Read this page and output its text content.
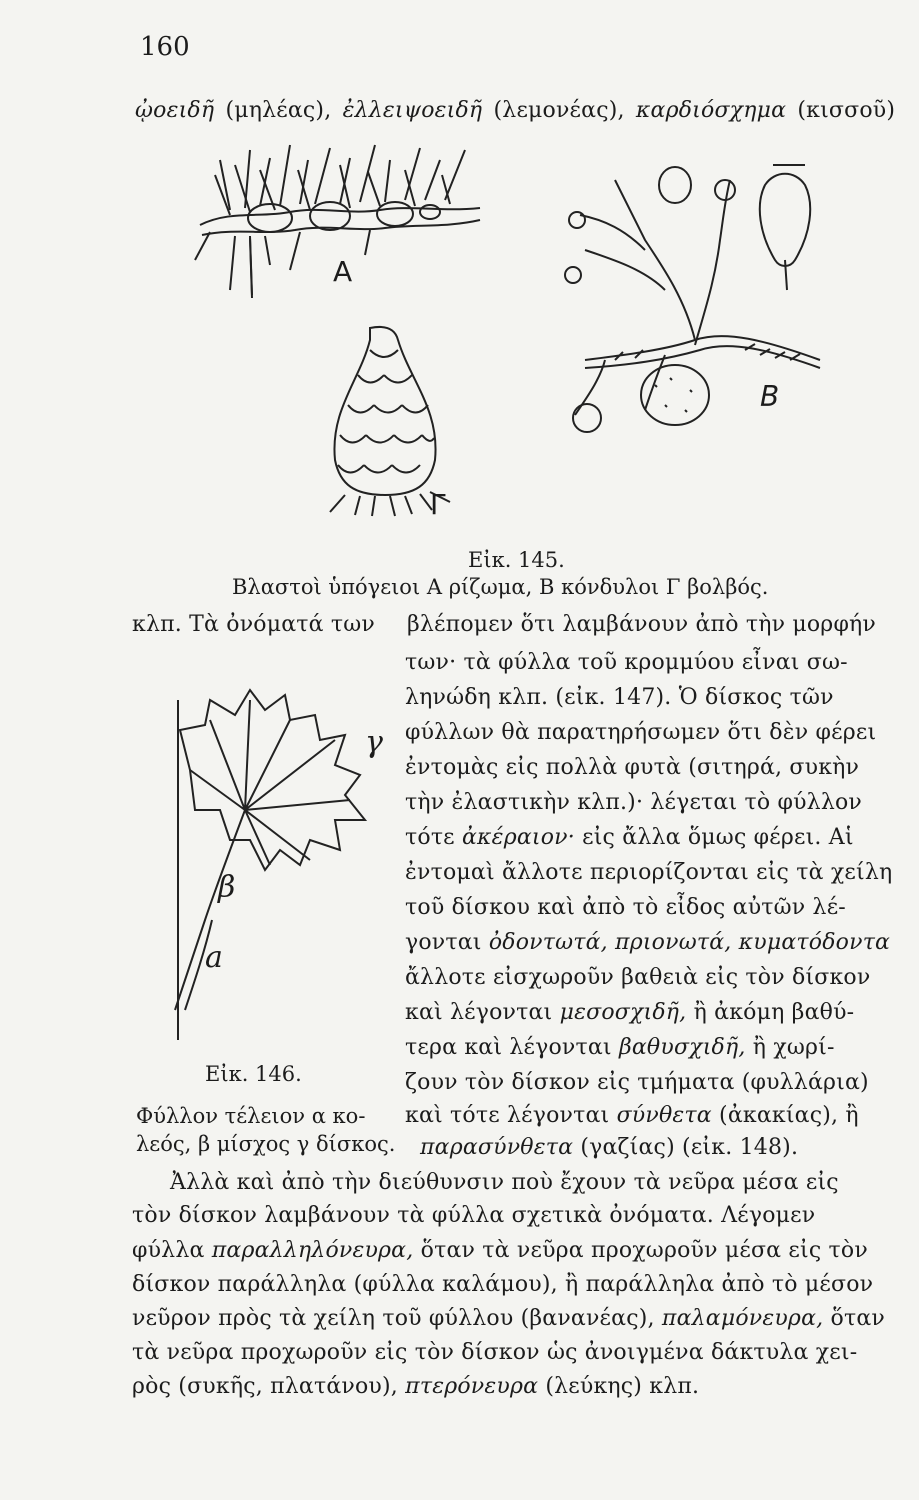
160
ᾠοειδῆ (μηλέας), ἐλλειψοειδῆ (λεμονέας), καρδιόσχημα (κισσοῦ)
Α
Β
Γ
Εἰκ. 145.
Βλαστοὶ ὑπόγειοι Α ρίζωμα, Β κόνδυλοι Γ βολβός.
γ
β
a
Εἰκ. 146.
Φύλλον τέλειον α κο-
λεός, β μίσχος γ δίσκος.
κλπ. Τὰ ὀνόματά των βλέπομεν ὅτι λαμβάνουν ἀπὸ τὴν μορφήν
των· τὰ φύλλα τοῦ κρομμύου εἶναι σω-
ληνώδη κλπ. (εἰκ. 147). Ὁ δίσκος τῶν
φύλλων θὰ παρατηρήσωμεν ὅτι δὲν φέρει
ἐντομὰς εἰς πολλὰ φυτὰ (σιτηρά, συκὴν
τὴν ἐλαστικὴν κλπ.)· λέγεται τὸ φύλλον
τότε ἀκέραιον· εἰς ἄλλα ὅμως φέρει. Αἱ
ἐντομαὶ ἄλλοτε περιορίζονται εἰς τὰ χείλη
τοῦ δίσκου καὶ ἀπὸ τὸ εἶδος αὐτῶν λέ-
γονται ὀδοντωτά, πριονωτά, κυματόδοντα
ἄλλοτε εἰσχωροῦν βαθειὰ εἰς τὸν δίσκον
καὶ λέγονται μεσοσχιδῆ, ἢ ἀκόμη βαθύ-
τερα καὶ λέγονται βαθυσχιδῆ, ἢ χωρί-
ζουν τὸν δίσκον εἰς τμήματα (φυλλάρια)
καὶ τότε λέγονται σύνθετα (ἀκακίας), ἢ
παρασύνθετα (γαζίας) (εἰκ. 148).
Ἀλλὰ καὶ ἀπὸ τὴν διεύθυνσιν ποὺ ἔχουν τὰ νεῦρα μέσα εἰς
τὸν δίσκον λαμβάνουν τὰ φύλλα σχετικὰ ὀνόματα. Λέγομεν
φύλλα παραλληλόνευρα, ὅταν τὰ νεῦρα προχωροῦν μέσα εἰς τὸν
δίσκον παράλληλα (φύλλα καλάμου), ἢ παράλληλα ἀπὸ τὸ μέσον
νεῦρον πρὸς τὰ χείλη τοῦ φύλλου (βανανέας), παλαμόνευρα, ὅταν
τὰ νεῦρα προχωροῦν εἰς τὸν δίσκον ὡς ἀνοιγμένα δάκτυλα χει-
ρὸς (συκῆς, πλατάνου), πτερόνευρα (λεύκης) κλπ.
